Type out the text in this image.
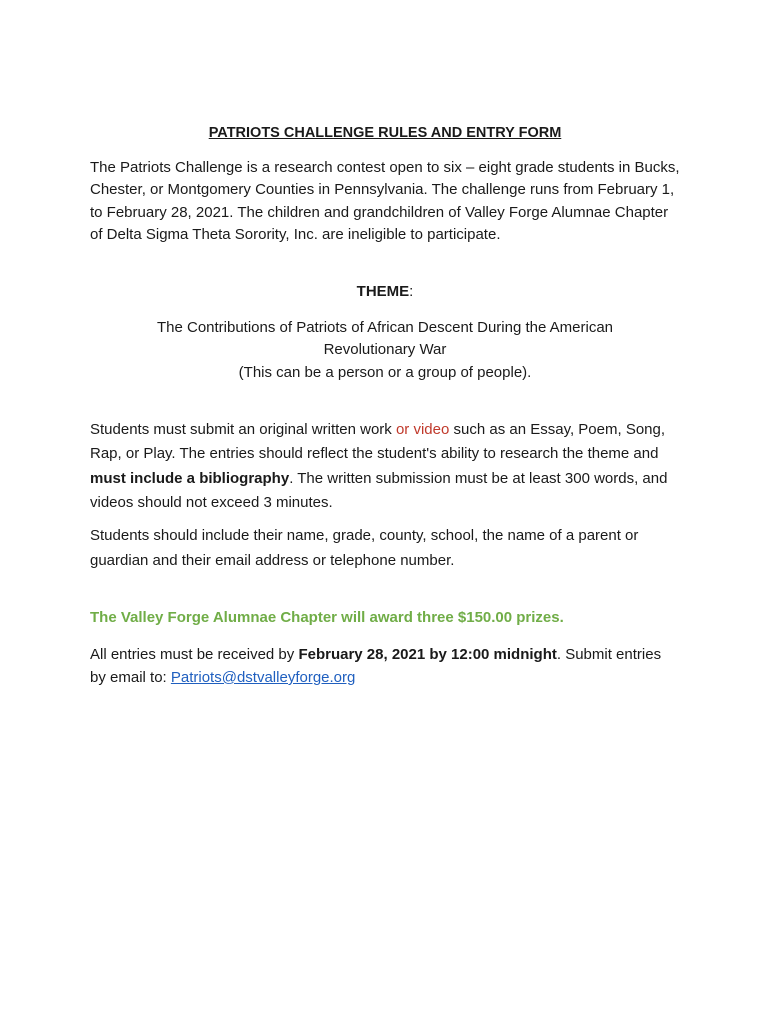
PATRIOTS CHALLENGE RULES AND ENTRY FORM

The Patriots Challenge is a research contest open to six – eight grade students in Bucks, Chester, or Montgomery Counties in Pennsylvania. The challenge runs from February 1, to February 28, 2021. The children and grandchildren of Valley Forge Alumnae Chapter of Delta Sigma Theta Sorority, Inc. are ineligible to participate.

THEME:

The Contributions of Patriots of African Descent During the American
Revolutionary War
(This can be a person or a group of people).

Students must submit an original written work or video such as an Essay, Poem, Song, Rap, or Play. The entries should reflect the student's ability to research the theme and must include a bibliography. The written submission must be at least 300 words, and videos should not exceed 3 minutes.

Students should include their name, grade, county, school, the name of a parent or guardian and their email address or telephone number.

The Valley Forge Alumnae Chapter will award three $150.00 prizes.

All entries must be received by February 28, 2021 by 12:00 midnight. Submit entries by email to: Patriots@dstvalleyforge.org
